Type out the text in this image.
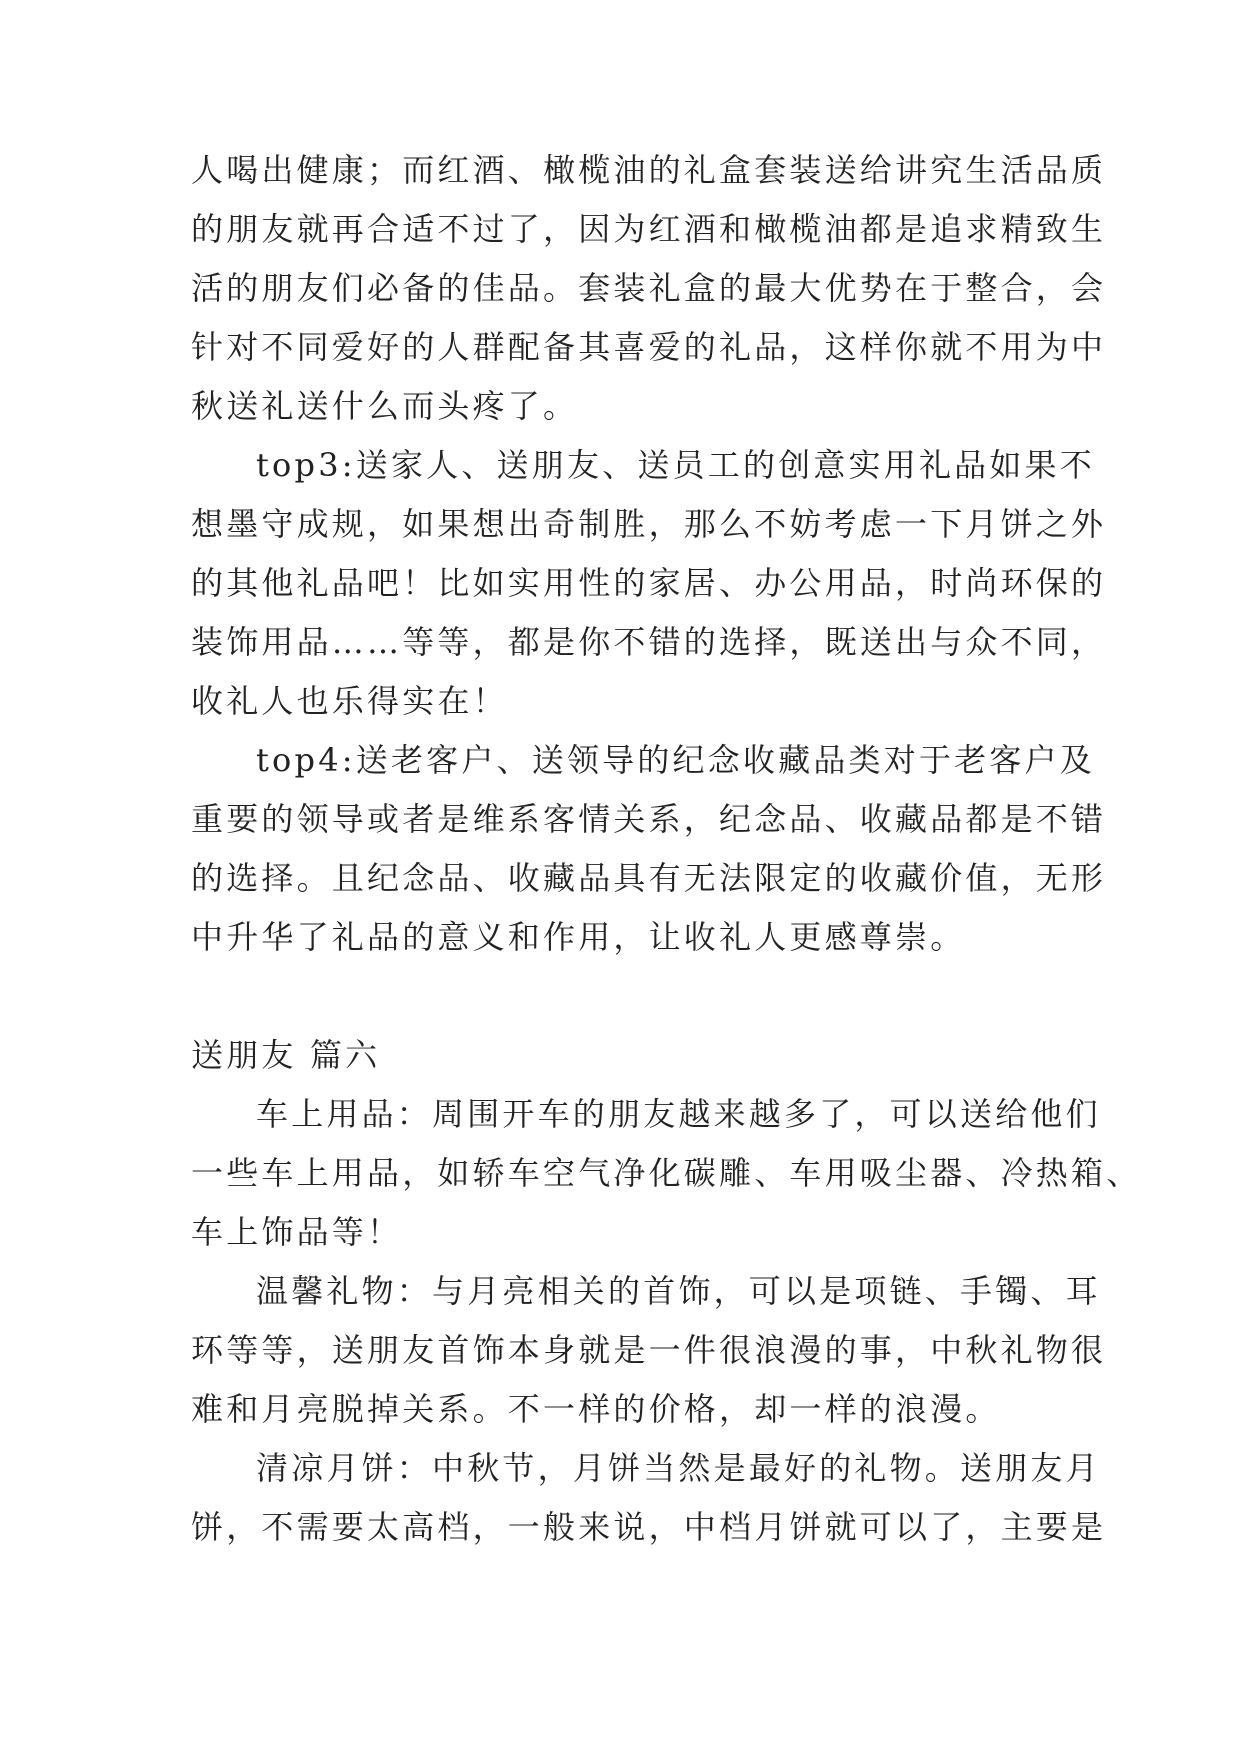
人喝出健康；而红酒、橄榄油的礼盒套装送给讲究生活品质
的朋友就再合适不过了，因为红酒和橄榄油都是追求精致生
活的朋友们必备的佳品。套装礼盒的最大优势在于整合，会
针对不同爱好的人群配备其喜爱的礼品，这样你就不用为中
秋送礼送什么而头疼了。
top3:送家人、送朋友、送员工的创意实用礼品如果不
想墨守成规，如果想出奇制胜，那么不妨考虑一下月饼之外
的其他礼品吧！比如实用性的家居、办公用品，时尚环保的
装饰用品……等等，都是你不错的选择，既送出与众不同，
收礼人也乐得实在！
top4:送老客户、送领导的纪念收藏品类对于老客户及
重要的领导或者是维系客情关系，纪念品、收藏品都是不错
的选择。且纪念品、收藏品具有无法限定的收藏价值，无形
中升华了礼品的意义和作用，让收礼人更感尊崇。
送朋友 篇六
车上用品：周围开车的朋友越来越多了，可以送给他们
一些车上用品，如轿车空气净化碳雕、车用吸尘器、冷热箱、
车上饰品等！
温馨礼物：与月亮相关的首饰，可以是项链、手镯、耳
环等等，送朋友首饰本身就是一件很浪漫的事，中秋礼物很
难和月亮脱掉关系。不一样的价格，却一样的浪漫。
清凉月饼：中秋节，月饼当然是最好的礼物。送朋友月
饼，不需要太高档，一般来说，中档月饼就可以了，主要是
